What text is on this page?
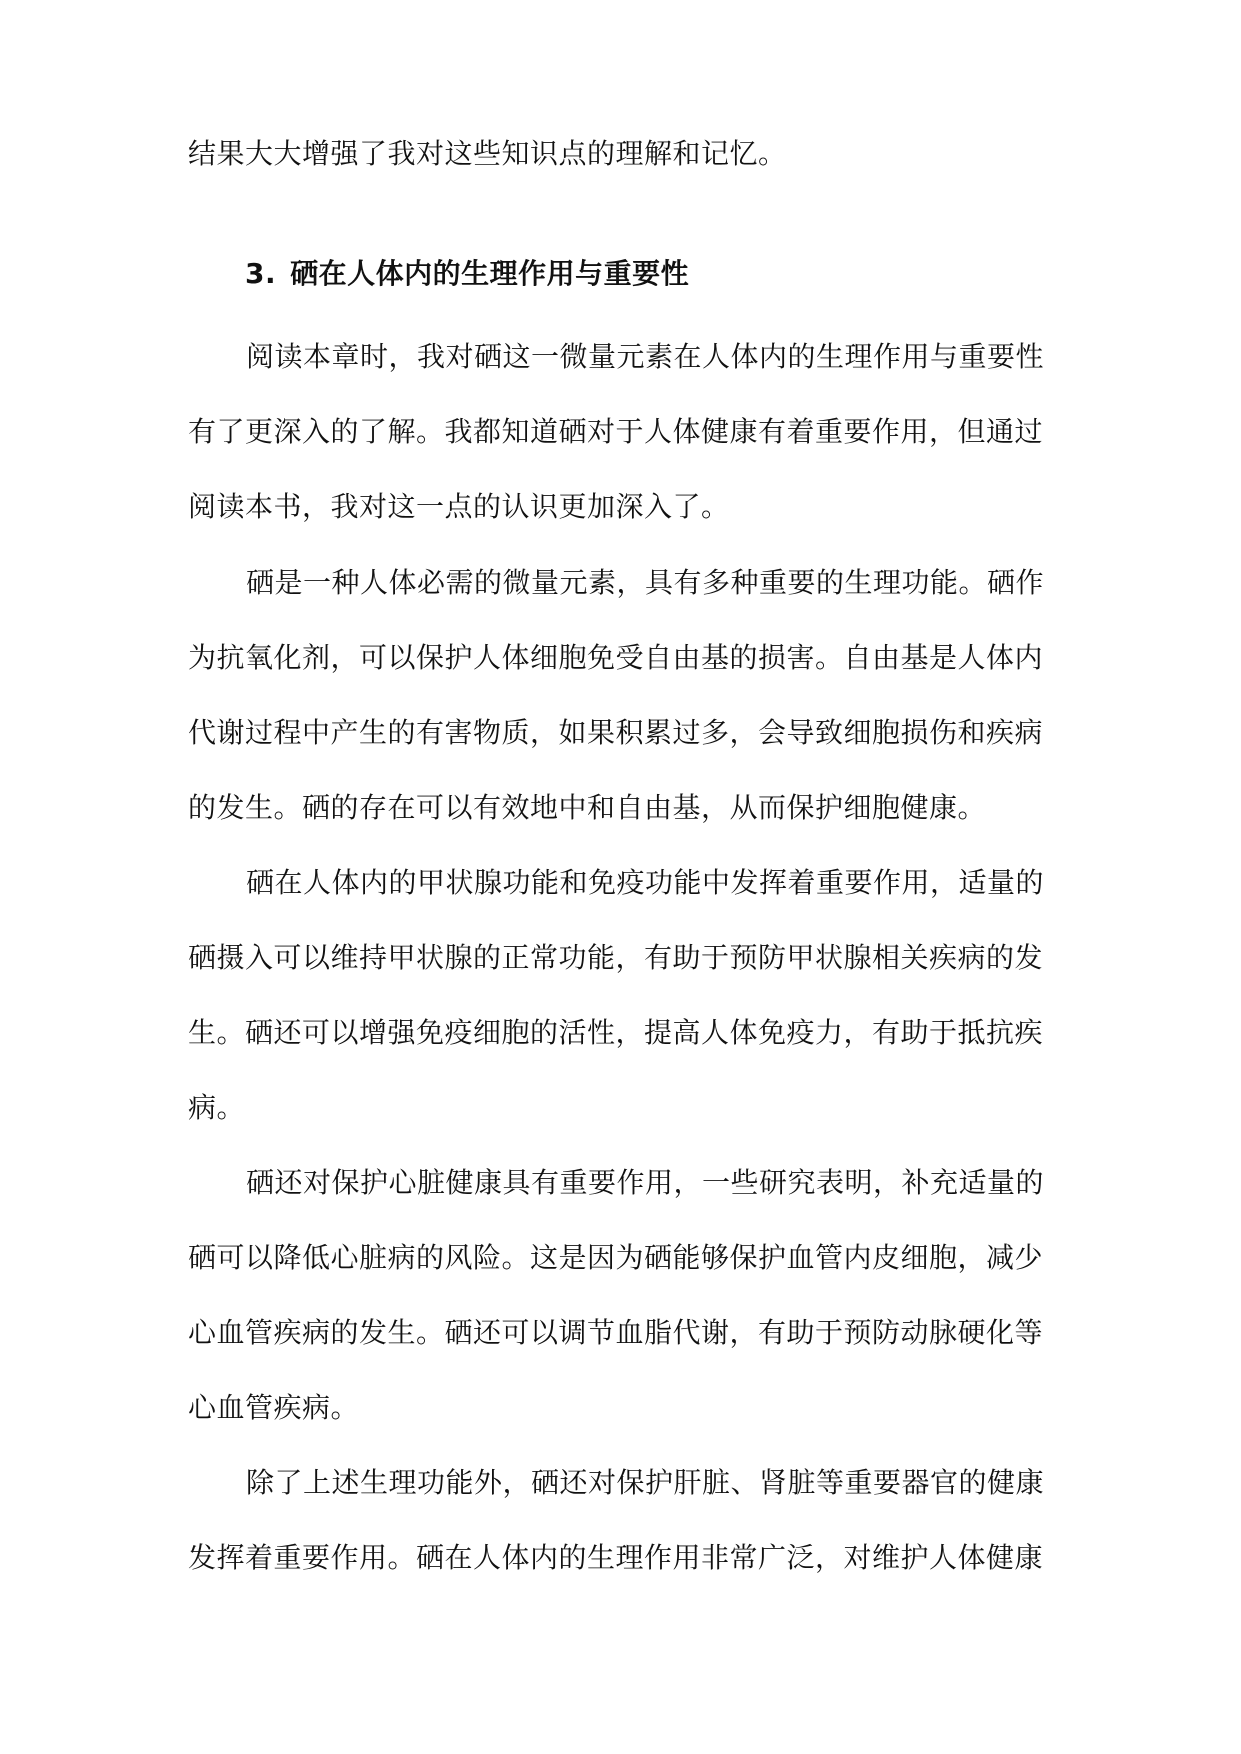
结果大大增强了我对这些知识点的理解和记忆。
3. 硒在人体内的生理作用与重要性
阅读本章时，我对硒这一微量元素在人体内的生理作用与重要性
有了更深入的了解。我都知道硒对于人体健康有着重要作用，但通过
阅读本书，我对这一点的认识更加深入了。
硒是一种人体必需的微量元素，具有多种重要的生理功能。硒作
为抗氧化剂，可以保护人体细胞免受自由基的损害。自由基是人体内
代谢过程中产生的有害物质，如果积累过多，会导致细胞损伤和疾病
的发生。硒的存在可以有效地中和自由基，从而保护细胞健康。
硒在人体内的甲状腺功能和免疫功能中发挥着重要作用，适量的
硒摄入可以维持甲状腺的正常功能，有助于预防甲状腺相关疾病的发
生。硒还可以增强免疫细胞的活性，提高人体免疫力，有助于抵抗疾
病。
硒还对保护心脏健康具有重要作用，一些研究表明，补充适量的
硒可以降低心脏病的风险。这是因为硒能够保护血管内皮细胞，减少
心血管疾病的发生。硒还可以调节血脂代谢，有助于预防动脉硬化等
心血管疾病。
除了上述生理功能外，硒还对保护肝脏、肾脏等重要器官的健康
发挥着重要作用。硒在人体内的生理作用非常广泛，对维护人体健康
